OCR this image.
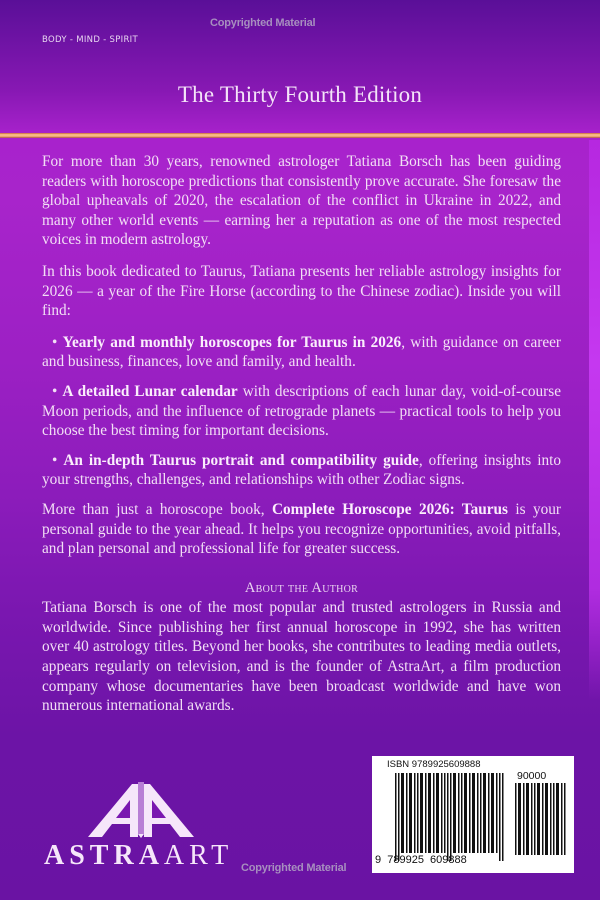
Copyrighted Material
BODY - MIND - SPIRIT
The Thirty Fourth Edition

For more than 30 years, renowned astrologer Tatiana Borsch has been guiding readers with horoscope predictions that consistently prove accurate. She foresaw the global upheavals of 2020, the escalation of the conflict in Ukraine in 2022, and many other world events — earning her a reputation as one of the most respected voices in modern astrology.

In this book dedicated to Taurus, Tatiana presents her reliable astrology insights for 2026 — a year of the Fire Horse (according to the Chinese zodiac). Inside you will find:

• Yearly and monthly horoscopes for Taurus in 2026, with guidance on career and business, finances, love and family, and health.

• A detailed Lunar calendar with descriptions of each lunar day, void-of-course Moon periods, and the influence of retrograde planets — practical tools to help you choose the best timing for important decisions.

• An in-depth Taurus portrait and compatibility guide, offering insights into your strengths, challenges, and relationships with other Zodiac signs.

More than just a horoscope book, Complete Horoscope 2026: Taurus is your personal guide to the year ahead. It helps you recognize opportunities, avoid pitfalls, and plan personal and professional life for greater success.

About the Author

Tatiana Borsch is one of the most popular and trusted astrologers in Russia and worldwide. Since publishing her first annual horoscope in 1992, she has written over 40 astrology titles. Beyond her books, she contributes to leading media outlets, appears regularly on television, and is the founder of AstraArt, a film production company whose documentaries have been broadcast worldwide and have won numerous international awards.

ASTRAART Copyrighted Material
ISBN 9789925609888
90000
9  789925  609888
